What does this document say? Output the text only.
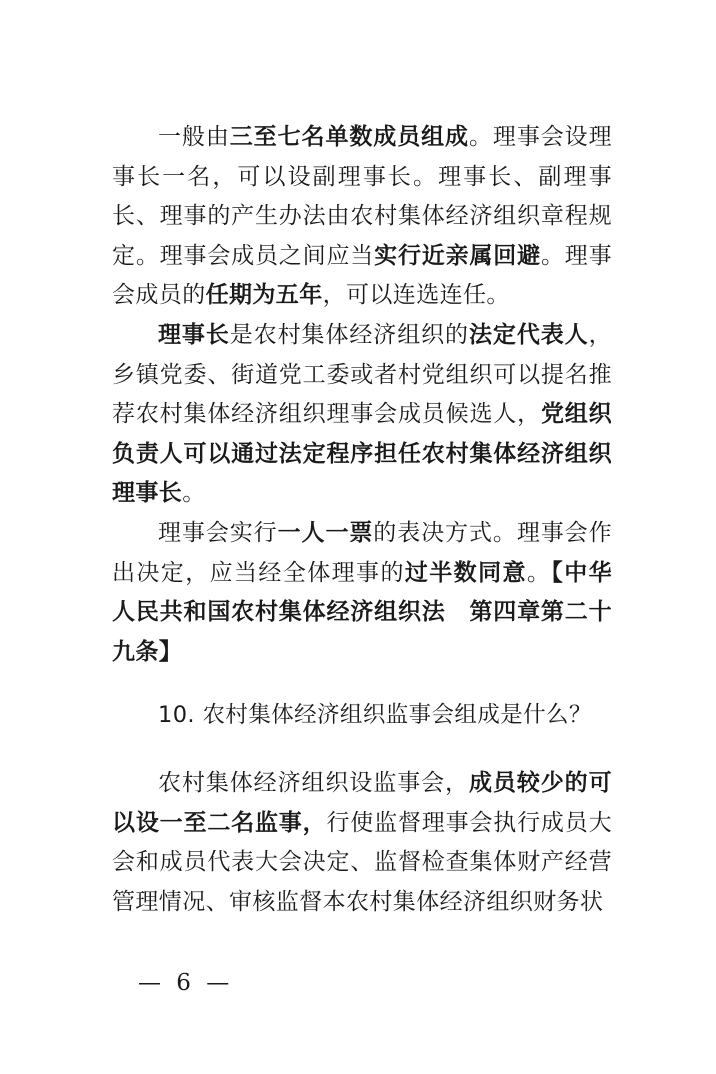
一般由三至七名单数成员组成。理事会设理事长一名，可以设副理事长。理事长、副理事长、理事的产生办法由农村集体经济组织章程规定。理事会成员之间应当实行近亲属回避。理事会成员的任期为五年，可以连选连任。

理事长是农村集体经济组织的法定代表人，乡镇党委、街道党工委或者村党组织可以提名推荐农村集体经济组织理事会成员候选人，党组织负责人可以通过法定程序担任农村集体经济组织理事长。

理事会实行一人一票的表决方式。理事会作出决定，应当经全体理事的过半数同意。【中华人民共和国农村集体经济组织法　第四章第二十九条】

10. 农村集体经济组织监事会组成是什么？

农村集体经济组织设监事会，成员较少的可以设一至二名监事，行使监督理事会执行成员大会和成员代表大会决定、监督检查集体财产经营管理情况、审核监督本农村集体经济组织财务状

— 6 —
